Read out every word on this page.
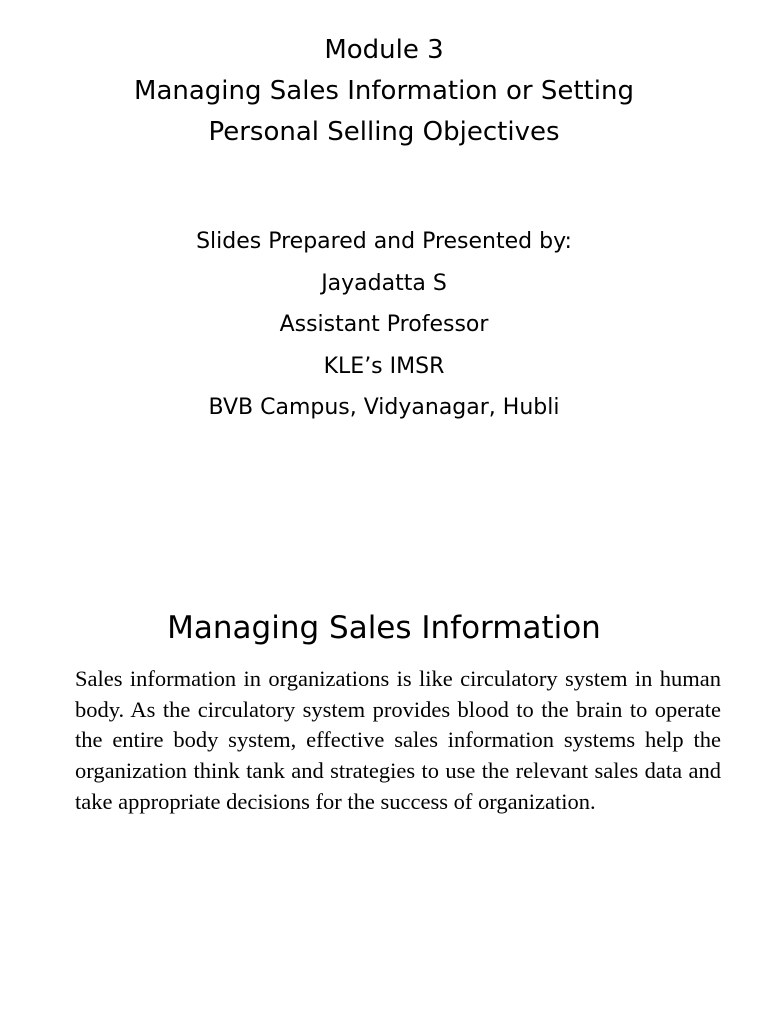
Module 3
Managing Sales Information or Setting
Personal Selling Objectives
Slides Prepared and Presented by:
Jayadatta S
Assistant Professor
KLE’s IMSR
BVB Campus, Vidyanagar, Hubli
Managing Sales Information
Sales information in organizations is like circulatory system in human body. As the circulatory system provides blood to the brain to operate the entire body system, effective sales information systems help the organization think tank and strategies to use the relevant sales data and take appropriate decisions for the success of organization.
